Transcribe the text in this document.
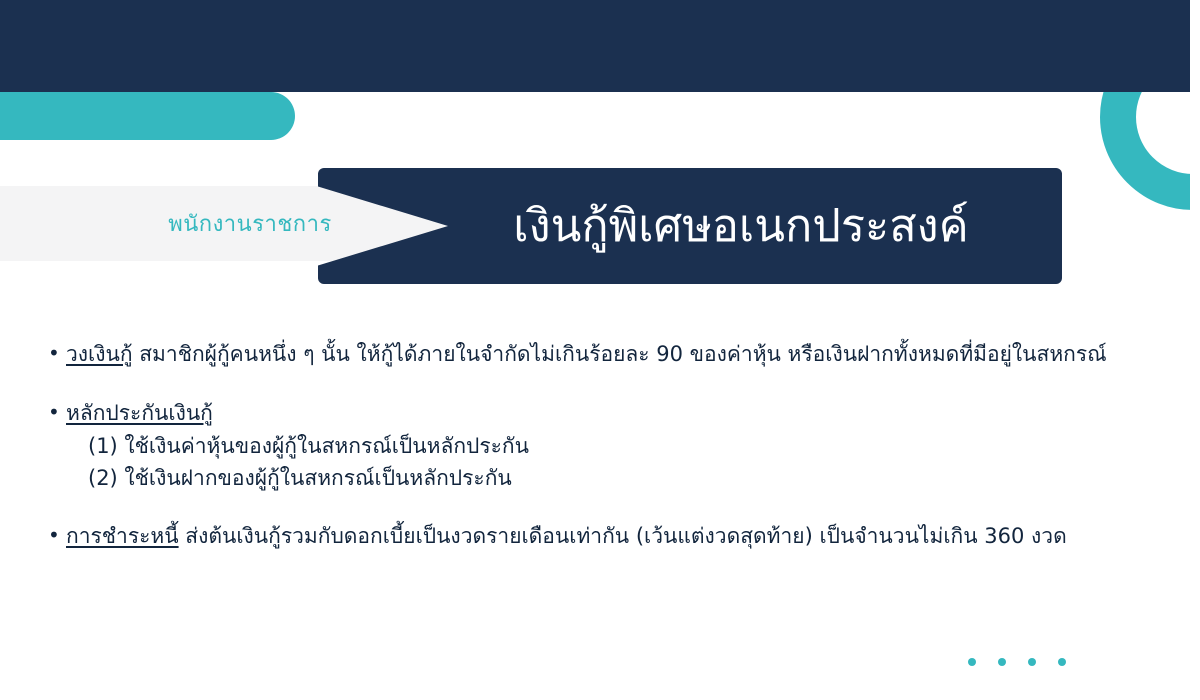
พนักงานราชการ	เงินกู้พิเศษอเนกประสงค์
• วงเงินกู้ สมาชิกผู้กู้คนหนึ่ง ๆ นั้น ให้กู้ได้ภายในจำกัดไม่เกินร้อยละ 90 ของค่าหุ้น หรือเงินฝากทั้งหมดที่มีอยู่ในสหกรณ์
• หลักประกันเงินกู้
(1) ใช้เงินค่าหุ้นของผู้กู้ในสหกรณ์เป็นหลักประกัน
(2) ใช้เงินฝากของผู้กู้ในสหกรณ์เป็นหลักประกัน
• การชำระหนี้ ส่งต้นเงินกู้รวมกับดอกเบี้ยเป็นงวดรายเดือนเท่ากัน (เว้นแต่งวดสุดท้าย) เป็นจำนวนไม่เกิน 360 งวด
